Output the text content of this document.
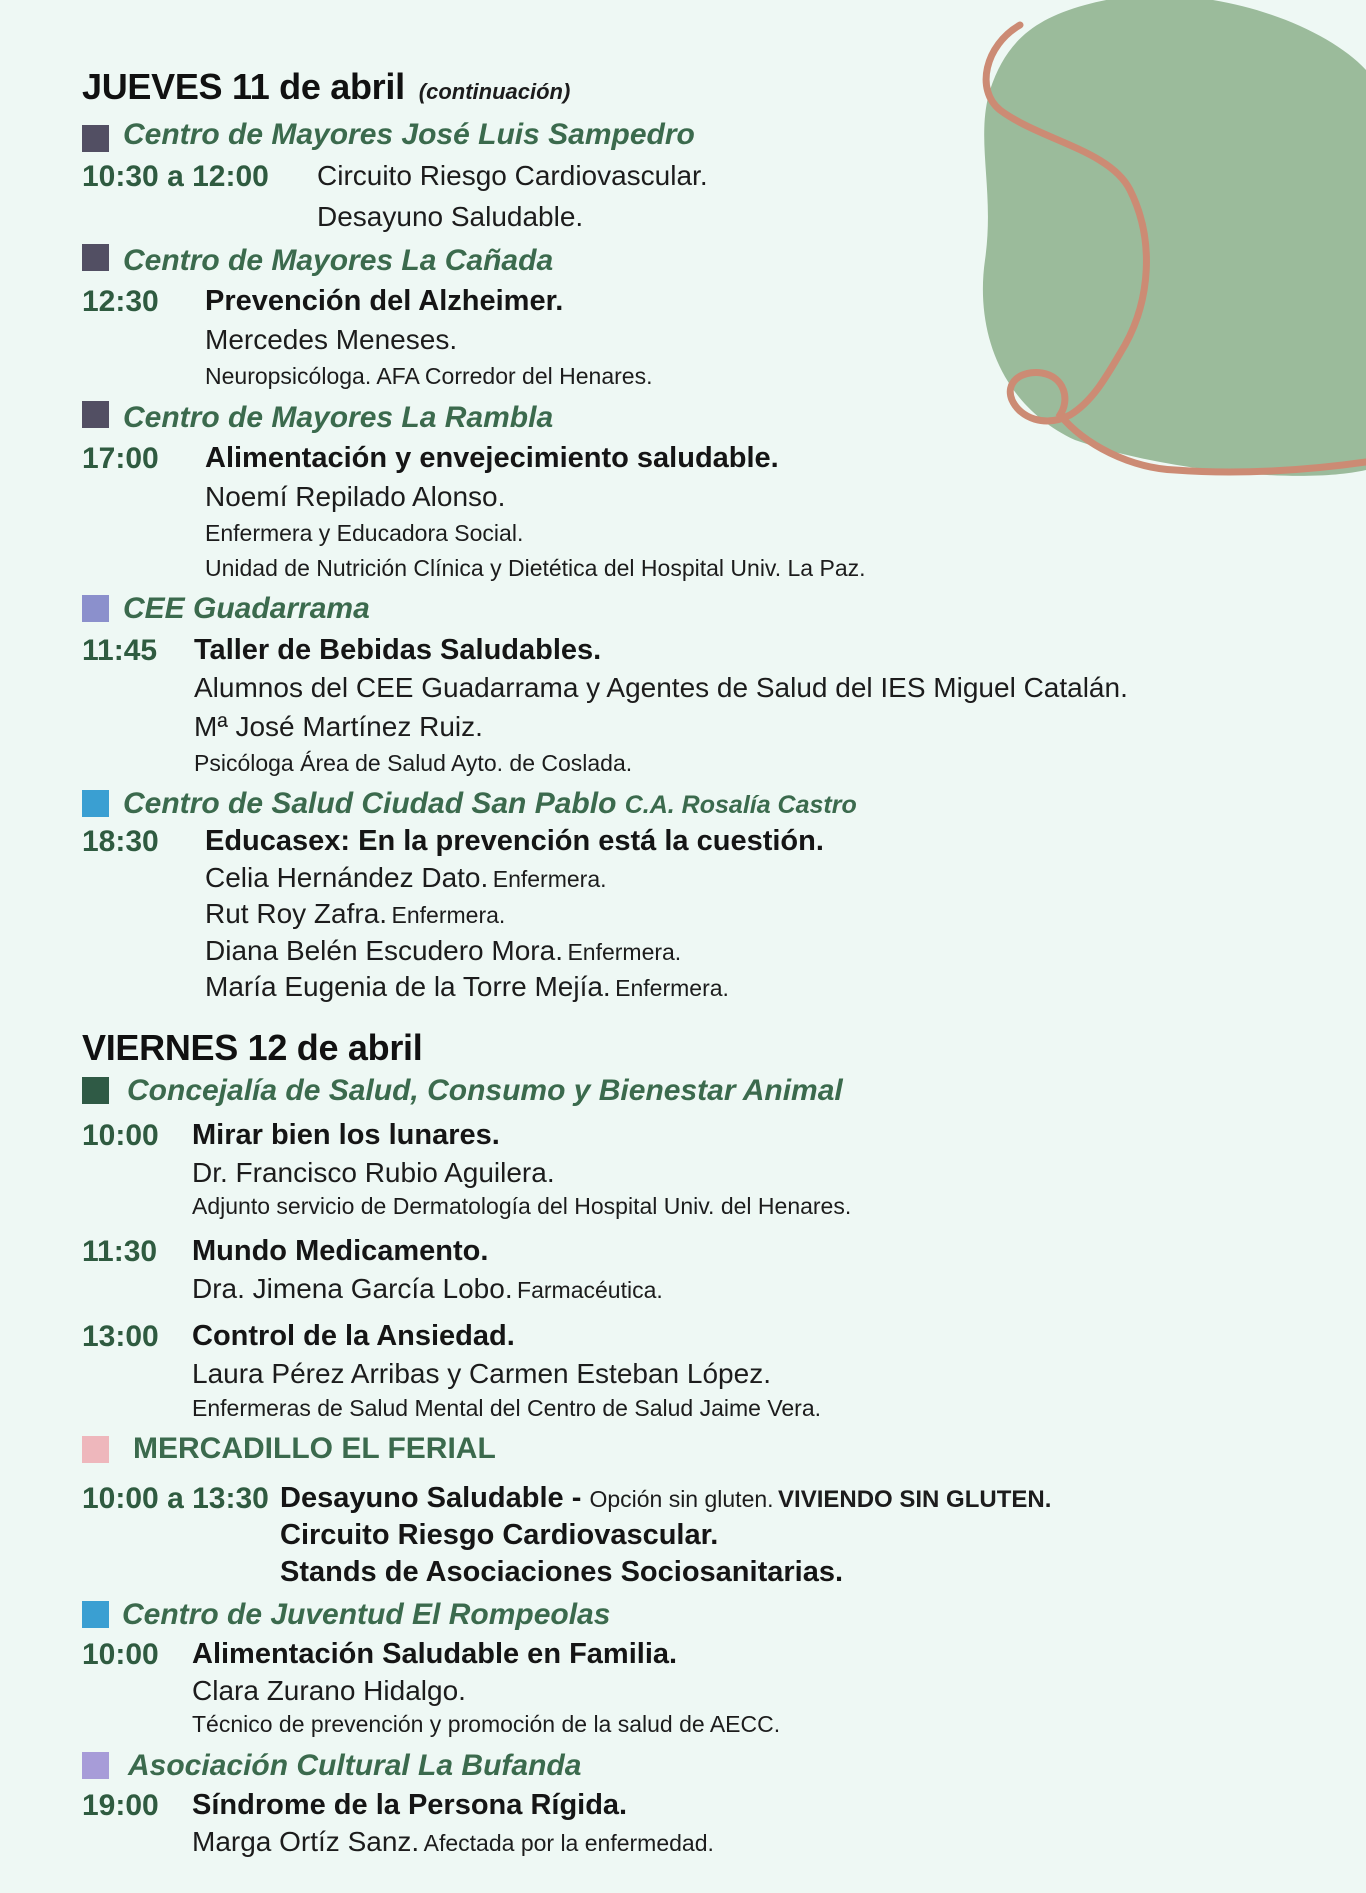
JUEVES 11 de abril (continuación)
Centro de Mayores José Luis Sampedro
10:30 a 12:00 Circuito Riesgo Cardiovascular.
Desayuno Saludable.
Centro de Mayores La Cañada
12:30 Prevención del Alzheimer.
Mercedes Meneses.
Neuropsicóloga. AFA Corredor del Henares.
Centro de Mayores La Rambla
17:00 Alimentación y envejecimiento saludable.
Noemí Repilado Alonso.
Enfermera y Educadora Social.
Unidad de Nutrición Clínica y Dietética del Hospital Univ. La Paz.
CEE Guadarrama
11:45 Taller de Bebidas Saludables.
Alumnos del CEE Guadarrama y Agentes de Salud del IES Miguel Catalán.
Mª José Martínez Ruiz.
Psicóloga Área de Salud Ayto. de Coslada.
Centro de Salud Ciudad San Pablo C.A. Rosalía Castro
18:30 Educasex: En la prevención está la cuestión.
Celia Hernández Dato. Enfermera.
Rut Roy Zafra. Enfermera.
Diana Belén Escudero Mora. Enfermera.
María Eugenia de la Torre Mejía. Enfermera.
VIERNES 12 de abril
Concejalía de Salud, Consumo y Bienestar Animal
10:00 Mirar bien los lunares.
Dr. Francisco Rubio Aguilera.
Adjunto servicio de Dermatología del Hospital Univ. del Henares.
11:30 Mundo Medicamento.
Dra. Jimena García Lobo. Farmacéutica.
13:00 Control de la Ansiedad.
Laura Pérez Arribas y Carmen Esteban López.
Enfermeras de Salud Mental del Centro de Salud Jaime Vera.
MERCADILLO EL FERIAL
10:00 a 13:30 Desayuno Saludable - Opción sin gluten. VIVIENDO SIN GLUTEN.
Circuito Riesgo Cardiovascular.
Stands de Asociaciones Sociosanitarias.
Centro de Juventud El Rompeolas
10:00 Alimentación Saludable en Familia.
Clara Zurano Hidalgo.
Técnico de prevención y promoción de la salud de AECC.
Asociación Cultural La Bufanda
19:00 Síndrome de la Persona Rígida.
Marga Ortíz Sanz. Afectada por la enfermedad.
